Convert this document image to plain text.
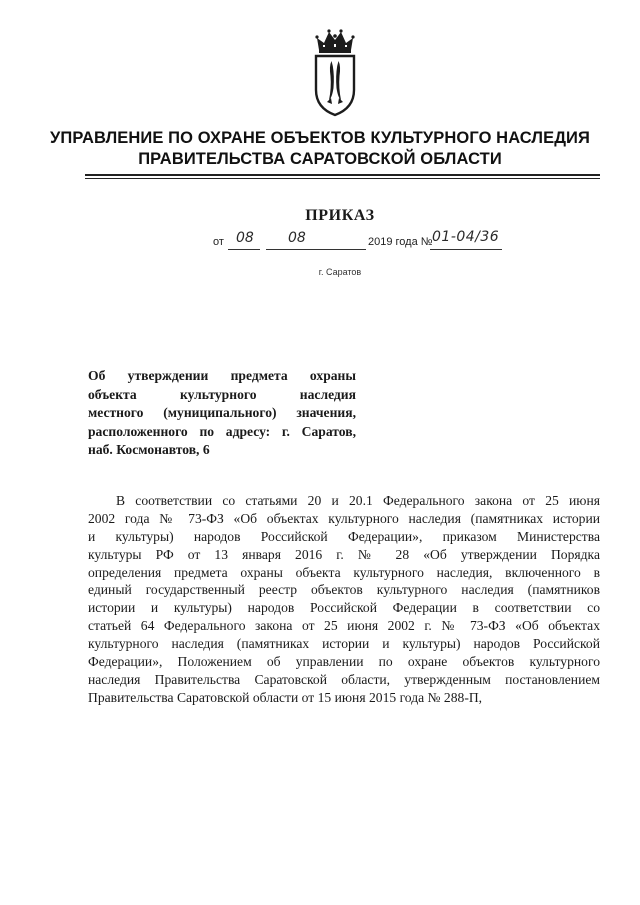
УПРАВЛЕНИЕ ПО ОХРАНЕ ОБЪЕКТОВ КУЛЬТУРНОГО НАСЛЕДИЯ
ПРАВИТЕЛЬСТВА САРАТОВСКОЙ ОБЛАСТИ
ПРИКАЗ
от 08 08	2019 года № 01-04/36
г. Саратов
Об утверждении предмета охраны
объекта культурного наследия
местного (муниципального) значения,
расположенного по адресу: г. Саратов,
наб. Космонавтов, 6
В соответствии со статьями 20 и 20.1 Федерального закона от 25 июня
2002 года № 73-ФЗ «Об объектах культурного наследия (памятниках истории
и культуры) народов Российской Федерации», приказом Министерства
культуры РФ от 13 января 2016 г. № 28 «Об утверждении Порядка
определения предмета охраны объекта культурного наследия, включенного в
единый государственный реестр объектов культурного наследия (памятников
истории и культуры) народов Российской Федерации в соответствии со
статьей 64 Федерального закона от 25 июня 2002 г. № 73-ФЗ «Об объектах
культурного наследия (памятниках истории и культуры) народов Российской
Федерации», Положением об управлении по охране объектов культурного
наследия Правительства Саратовской области, утвержденным постановлением
Правительства Саратовской области от 15 июня 2015 года № 288-П,
